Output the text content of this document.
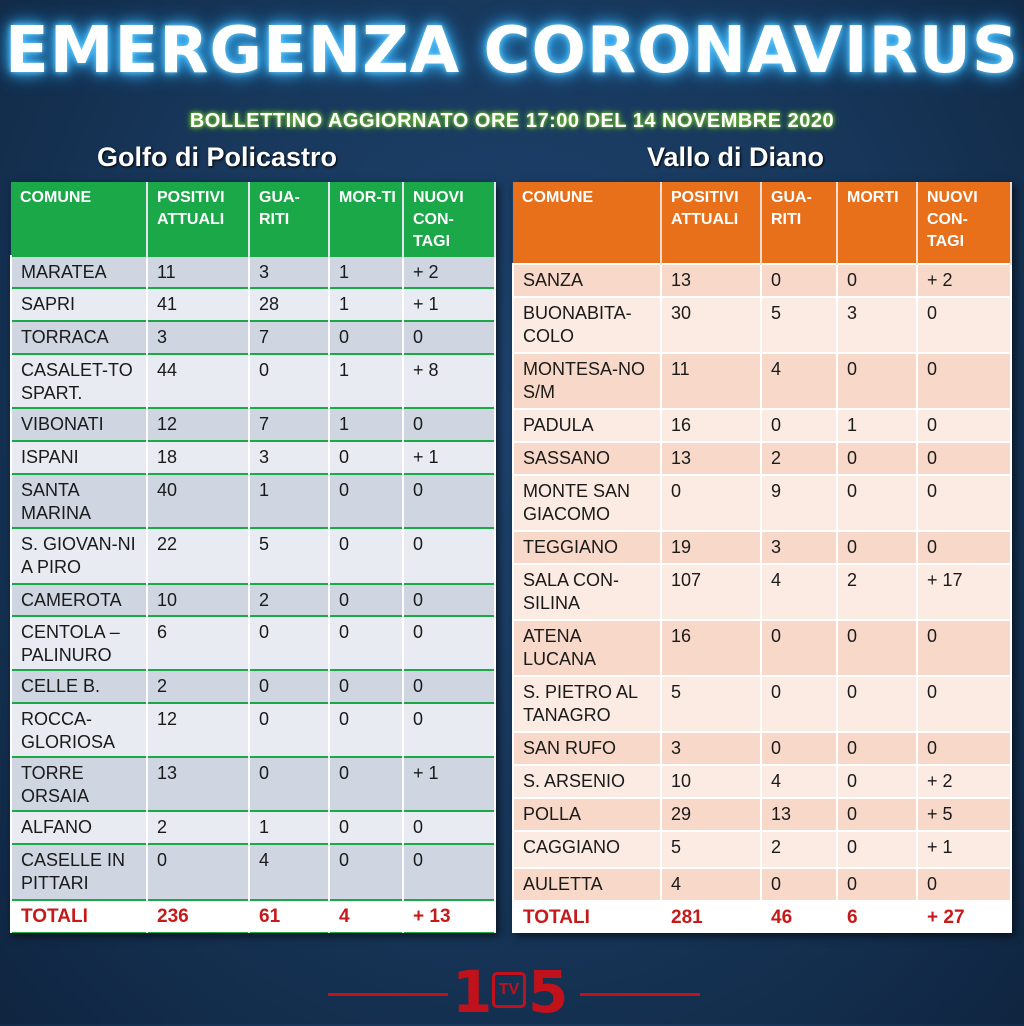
EMERGENZA CORONAVIRUS
BOLLETTINO AGGIORNATO ORE 17:00 DEL 14 NOVEMBRE 2020
Golfo di Policastro	Vallo di Diano
COMUNE	POSITIVI ATTUALI	GUA-RITI	MOR-TI	NUOVI CON-TAGI
MARATEA	11	3	1	+ 2
SAPRI	41	28	1	+ 1
TORRACA	3	7	0	0
CASALET-TO SPART.	44	0	1	+ 8
VIBONATI	12	7	1	0
ISPANI	18	3	0	+ 1
SANTA MARINA	40	1	0	0
S. GIOVAN-NI A PIRO	22	5	0	0
CAMEROTA	10	2	0	0
CENTOLA – PALINURO	6	0	0	0
CELLE B.	2	0	0	0
ROCCA-GLORIOSA	12	0	0	0
TORRE ORSAIA	13	0	0	+ 1
ALFANO	2	1	0	0
CASELLE IN PITTARI	0	4	0	0
TOTALI	236	61	4	+ 13
COMUNE	POSITIVI ATTUALI	GUA-RITI	MORTI	NUOVI CON-TAGI
SANZA	13	0	0	+ 2
BUONABITA-COLO	30	5	3	0
MONTESA-NO S/M	11	4	0	0
PADULA	16	0	1	0
SASSANO	13	2	0	0
MONTE SAN GIACOMO	0	9	0	0
TEGGIANO	19	3	0	0
SALA CON-SILINA	107	4	2	+ 17
ATENA LUCANA	16	0	0	0
S. PIETRO AL TANAGRO	5	0	0	0
SAN RUFO	3	0	0	0
S. ARSENIO	10	4	0	+ 2
POLLA	29	13	0	+ 5
CAGGIANO	5	2	0	+ 1
AULETTA	4	0	0	0
TOTALI	281	46	6	+ 27
1 TV 5
